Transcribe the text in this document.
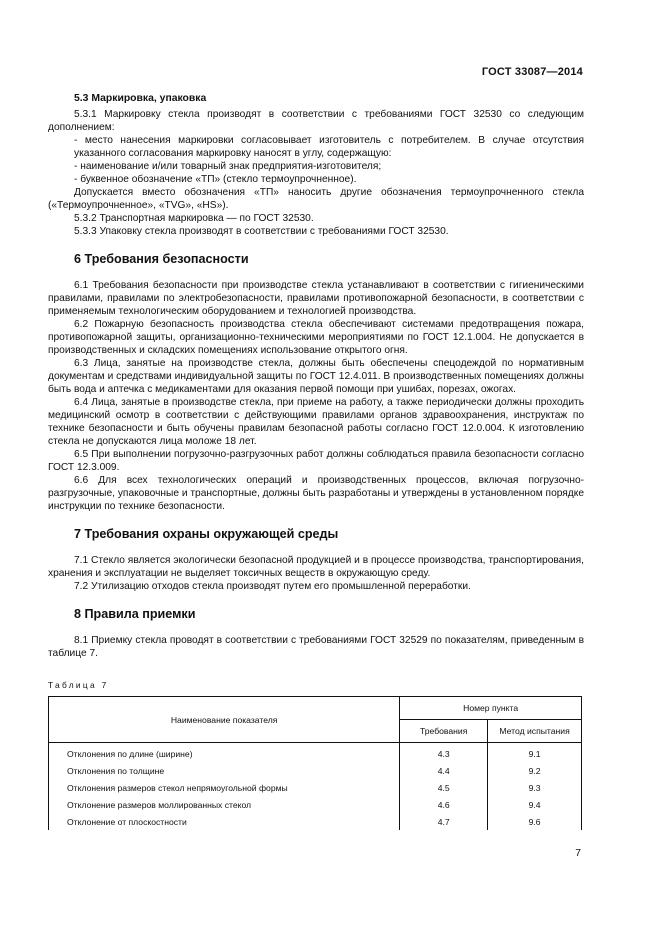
ГОСТ 33087—2014
5.3 Маркировка, упаковка

5.3.1 Маркировку стекла производят в соответствии с требованиями ГОСТ 32530 со следующим дополнением:

- место нанесения маркировки согласовывает изготовитель с потребителем. В случае отсутствия указанного согласования маркировку наносят в углу, содержащую:

- наименование и/или товарный знак предприятия-изготовителя;

- буквенное обозначение «ТП» (стекло термоупрочненное).

Допускается вместо обозначения «ТП» наносить другие обозначения термоупрочненного стекла («Термоупрочненное», «TVG», «HS»).

5.3.2 Транспортная маркировка — по ГОСТ 32530.

5.3.3 Упаковку стекла производят в соответствии с требованиями ГОСТ 32530.

6 Требования безопасности

6.1 Требования безопасности при производстве стекла устанавливают в соответствии с гигиеническими правилами, правилами по электробезопасности, правилами противопожарной безопасности, в соответствии с применяемым технологическим оборудованием и технологией производства.

6.2 Пожарную безопасность производства стекла обеспечивают системами предотвращения пожара, противопожарной защиты, организационно-техническими мероприятиями по ГОСТ 12.1.004. Не допускается в производственных и складских помещениях использование открытого огня.

6.3 Лица, занятые на производстве стекла, должны быть обеспечены спецодеждой по нормативным документам и средствами индивидуальной защиты по ГОСТ 12.4.011. В производственных помещениях должны быть вода и аптечка с медикаментами для оказания первой помощи при ушибах, порезах, ожогах.

6.4 Лица, занятые в производстве стекла, при приеме на работу, а также периодически должны проходить медицинский осмотр в соответствии с действующими правилами органов здравоохранения, инструктаж по технике безопасности и быть обучены правилам безопасной работы согласно ГОСТ 12.0.004. К изготовлению стекла не допускаются лица моложе 18 лет.

6.5 При выполнении погрузочно-разгрузочных работ должны соблюдаться правила безопасности согласно ГОСТ 12.3.009.

6.6 Для всех технологических операций и производственных процессов, включая погрузочно-разгрузочные, упаковочные и транспортные, должны быть разработаны и утверждены в установленном порядке инструкции по технике безопасности.

7 Требования охраны окружающей среды

7.1 Стекло является экологически безопасной продукцией и в процессе производства, транспортирования, хранения и эксплуатации не выделяет токсичных веществ в окружающую среду.

7.2 Утилизацию отходов стекла производят путем его промышленной переработки.

8 Правила приемки

8.1 Приемку стекла проводят в соответствии с требованиями ГОСТ 32529 по показателям, приведенным в таблице 7.

Таблица 7
Наименование показателя	Номер пункта	
	Требования	Метод испытания
Отклонения по длине (ширине)	4.3	9.1
Отклонения по толщине	4.4	9.2
Отклонения размеров стекол непрямоугольной формы	4.5	9.3
Отклонение размеров моллированных стекол	4.6	9.4
Отклонение от плоскостности	4.7	9.6
7
